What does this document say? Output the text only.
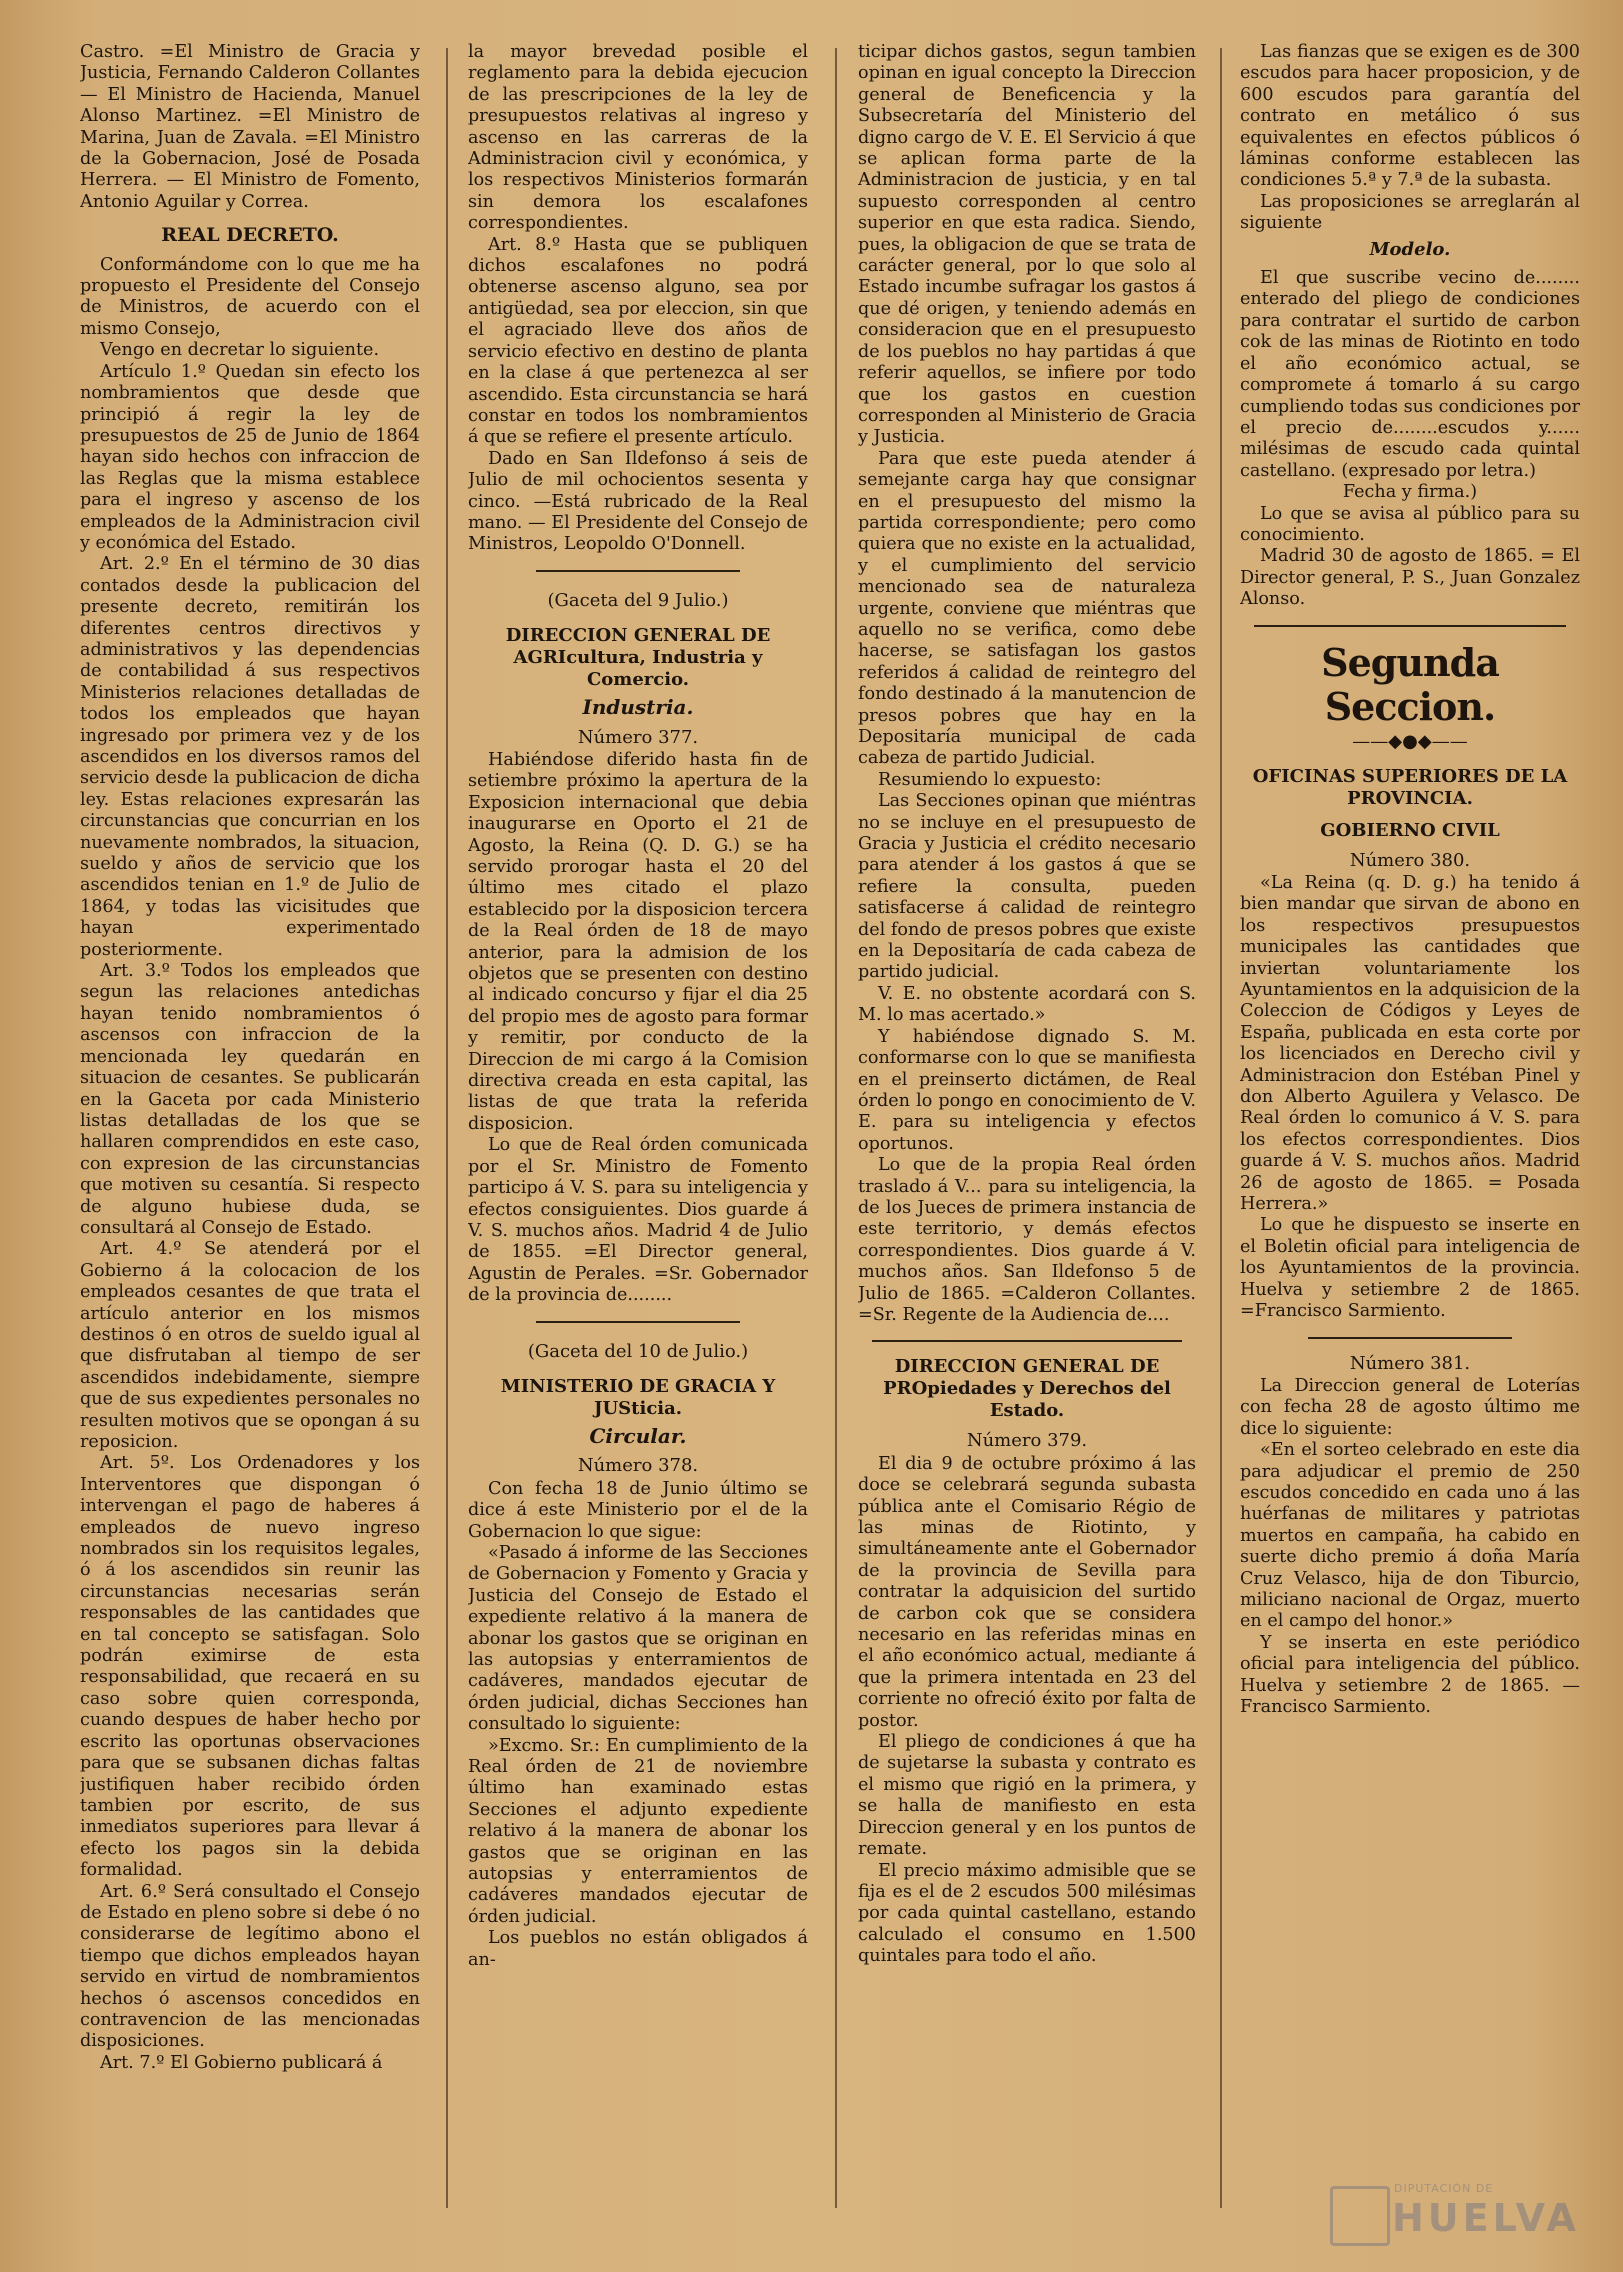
Castro. =El Ministro de Gracia y Justicia, Fernando Calderon Collantes — El Ministro de Hacienda, Manuel Alonso Martinez. =El Ministro de Marina, Juan de Zavala. =El Ministro de la Gobernacion, José de Posada Herrera. — El Ministro de Fomento, Antonio Aguilar y Correa.

REAL DECRETO.

Conformándome con lo que me ha propuesto el Presidente del Consejo de Ministros, de acuerdo con el mismo Consejo,

Vengo en decretar lo siguiente.

Artículo 1.º Quedan sin efecto los nombramientos que desde que principió á regir la ley de presupuestos de 25 de Junio de 1864 hayan sido hechos con infraccion de las Reglas que la misma establece para el ingreso y ascenso de los empleados de la Administracion civil y económica del Estado.

Art. 2.º En el término de 30 dias contados desde la publicacion del presente decreto, remitirán los diferentes centros directivos y administrativos y las dependencias de contabilidad á sus respectivos Ministerios relaciones detalladas de todos los empleados que hayan ingresado por primera vez y de los ascendidos en los diversos ramos del servicio desde la publicacion de dicha ley. Estas relaciones expresarán las circunstancias que concurrian en los nuevamente nombrados, la situacion, sueldo y años de servicio que los ascendidos tenian en 1.º de Julio de 1864, y todas las vicisitudes que hayan experimentado posteriormente.

Art. 3.º Todos los empleados que segun las relaciones antedichas hayan tenido nombramientos ó ascensos con infraccion de la mencionada ley quedarán en situacion de cesantes. Se publicarán en la Gaceta por cada Ministerio listas detalladas de los que se hallaren comprendidos en este caso, con expresion de las circunstancias que motiven su cesantía. Si respecto de alguno hubiese duda, se consultará al Consejo de Estado.

Art. 4.º Se atenderá por el Gobierno á la colocacion de los empleados cesantes de que trata el artículo anterior en los mismos destinos ó en otros de sueldo igual al que disfrutaban al tiempo de ser ascendidos indebidamente, siempre que de sus expedientes personales no resulten motivos que se opongan á su reposicion.

Art. 5º. Los Ordenadores y los Interventores que dispongan ó intervengan el pago de haberes á empleados de nuevo ingreso nombrados sin los requisitos legales, ó á los ascendidos sin reunir las circunstancias necesarias serán responsables de las cantidades que en tal concepto se satisfagan. Solo podrán eximirse de esta responsabilidad, que recaerá en su caso sobre quien corresponda, cuando despues de haber hecho por escrito las oportunas observaciones para que se subsanen dichas faltas justifiquen haber recibido órden tambien por escrito, de sus inmediatos superiores para llevar á efecto los pagos sin la debida formalidad.

Art. 6.º Será consultado el Consejo de Estado en pleno sobre si debe ó no considerarse de legítimo abono el tiempo que dichos empleados hayan servido en virtud de nombramientos hechos ó ascensos concedidos en contravencion de las mencionadas disposiciones.

Art. 7.º El Gobierno publicará á

la mayor brevedad posible el reglamento para la debida ejecucion de las prescripciones de la ley de presupuestos relativas al ingreso y ascenso en las carreras de la Administracion civil y económica, y los respectivos Ministerios formarán sin demora los escalafones correspondientes.

Art. 8.º Hasta que se publiquen dichos escalafones no podrá obtenerse ascenso alguno, sea por antigüedad, sea por eleccion, sin que el agraciado lleve dos años de servicio efectivo en destino de planta en la clase á que pertenezca al ser ascendido. Esta circunstancia se hará constar en todos los nombramientos á que se refiere el presente artículo.

Dado en San Ildefonso á seis de Julio de mil ochocientos sesenta y cinco. —Está rubricado de la Real mano. — El Presidente del Consejo de Ministros, Leopoldo O'Donnell.

(Gaceta del 9 Julio.)

DIRECCION GENERAL DE AGRIcultura, Industria y Comercio.

Industria.

Número 377.

Habiéndose diferido hasta fin de setiembre próximo la apertura de la Exposicion internacional que debia inaugurarse en Oporto el 21 de Agosto, la Reina (Q. D. G.) se ha servido prorogar hasta el 20 del último mes citado el plazo establecido por la disposicion tercera de la Real órden de 18 de mayo anterior, para la admision de los objetos que se presenten con destino al indicado concurso y fijar el dia 25 del propio mes de agosto para formar y remitir, por conducto de la Direccion de mi cargo á la Comision directiva creada en esta capital, las listas de que trata la referida disposicion.

Lo que de Real órden comunicada por el Sr. Ministro de Fomento participo á V. S. para su inteligencia y efectos consiguientes. Dios guarde á V. S. muchos años. Madrid 4 de Julio de 1855. =El Director general, Agustin de Perales. =Sr. Gobernador de la provincia de........

(Gaceta del 10 de Julio.)

MINISTERIO DE GRACIA Y JUSticia.

Circular.

Número 378.

Con fecha 18 de Junio último se dice á este Ministerio por el de la Gobernacion lo que sigue:

«Pasado á informe de las Secciones de Gobernacion y Fomento y Gracia y Justicia del Consejo de Estado el expediente relativo á la manera de abonar los gastos que se originan en las autopsias y enterramientos de cadáveres, mandados ejecutar de órden judicial, dichas Secciones han consultado lo siguiente:

»Excmo. Sr.: En cumplimiento de la Real órden de 21 de noviembre último han examinado estas Secciones el adjunto expediente relativo á la manera de abonar los gastos que se originan en las autopsias y enterramientos de cadáveres mandados ejecutar de órden judicial.

Los pueblos no están obligados á an-

ticipar dichos gastos, segun tambien opinan en igual concepto la Direccion general de Beneficencia y la Subsecretaría del Ministerio del digno cargo de V. E. El Servicio á que se aplican forma parte de la Administracion de justicia, y en tal supuesto corresponden al centro superior en que esta radica. Siendo, pues, la obligacion de que se trata de carácter general, por lo que solo al Estado incumbe sufragar los gastos á que dé origen, y teniendo además en consideracion que en el presupuesto de los pueblos no hay partidas á que referir aquellos, se infiere por todo que los gastos en cuestion corresponden al Ministerio de Gracia y Justicia.

Para que este pueda atender á semejante carga hay que consignar en el presupuesto del mismo la partida correspondiente; pero como quiera que no existe en la actualidad, y el cumplimiento del servicio mencionado sea de naturaleza urgente, conviene que miéntras que aquello no se verifica, como debe hacerse, se satisfagan los gastos referidos á calidad de reintegro del fondo destinado á la manutencion de presos pobres que hay en la Depositaría municipal de cada cabeza de partido Judicial.

Resumiendo lo expuesto:

Las Secciones opinan que miéntras no se incluye en el presupuesto de Gracia y Justicia el crédito necesario para atender á los gastos á que se refiere la consulta, pueden satisfacerse á calidad de reintegro del fondo de presos pobres que existe en la Depositaría de cada cabeza de partido judicial.

V. E. no obstente acordará con S. M. lo mas acertado.»

Y habiéndose dignado S. M. conformarse con lo que se manifiesta en el preinserto dictámen, de Real órden lo pongo en conocimiento de V. E. para su inteligencia y efectos oportunos.

Lo que de la propia Real órden traslado á V... para su inteligencia, la de los Jueces de primera instancia de este territorio, y demás efectos correspondientes. Dios guarde á V. muchos años. San Ildefonso 5 de Julio de 1865. =Calderon Collantes. =Sr. Regente de la Audiencia de....

DIRECCION GENERAL DE PROpiedades y Derechos del Estado.

Número 379.

El dia 9 de octubre próximo á las doce se celebrará segunda subasta pública ante el Comisario Régio de las minas de Riotinto, y simultáneamente ante el Gobernador de la provincia de Sevilla para contratar la adquisicion del surtido de carbon cok que se considera necesario en las referidas minas en el año económico actual, mediante á que la primera intentada en 23 del corriente no ofreció éxito por falta de postor.

El pliego de condiciones á que ha de sujetarse la subasta y contrato es el mismo que rigió en la primera, y se halla de manifiesto en esta Direccion general y en los puntos de remate.

El precio máximo admisible que se fija es el de 2 escudos 500 milésimas por cada quintal castellano, estando calculado el consumo en 1.500 quintales para todo el año.

Las fianzas que se exigen es de 300 escudos para hacer proposicion, y de 600 escudos para garantía del contrato en metálico ó sus equivalentes en efectos públicos ó láminas conforme establecen las condiciones 5.ª y 7.ª de la subasta.

Las proposiciones se arreglarán al siguiente

Modelo.

El que suscribe vecino de........ enterado del pliego de condiciones para contratar el surtido de carbon cok de las minas de Riotinto en todo el año económico actual, se compromete á tomarlo á su cargo cumpliendo todas sus condiciones por el precio de........escudos y...... milésimas de escudo cada quintal castellano. (expresado por letra.)

Fecha y firma.)

Lo que se avisa al público para su conocimiento.

Madrid 30 de agosto de 1865. = El Director general, P. S., Juan Gonzalez Alonso.

Segunda Seccion.
——◆●◆——

OFICINAS SUPERIORES DE LA PROVINCIA.

GOBIERNO CIVIL

Número 380.

«La Reina (q. D. g.) ha tenido á bien mandar que sirvan de abono en los respectivos presupuestos municipales las cantidades que inviertan voluntariamente los Ayuntamientos en la adquisicion de la Coleccion de Códigos y Leyes de España, publicada en esta corte por los licenciados en Derecho civil y Administracion don Estéban Pinel y don Alberto Aguilera y Velasco. De Real órden lo comunico á V. S. para los efectos correspondientes. Dios guarde á V. S. muchos años. Madrid 26 de agosto de 1865. = Posada Herrera.»

Lo que he dispuesto se inserte en el Boletin oficial para inteligencia de los Ayuntamientos de la provincia. Huelva y setiembre 2 de 1865. =Francisco Sarmiento.

Número 381.

La Direccion general de Loterías con fecha 28 de agosto último me dice lo siguiente:

«En el sorteo celebrado en este dia para adjudicar el premio de 250 escudos concedido en cada uno á las huérfanas de militares y patriotas muertos en campaña, ha cabido en suerte dicho premio á doña María Cruz Velasco, hija de don Tiburcio, miliciano nacional de Orgaz, muerto en el campo del honor.»

Y se inserta en este periódico oficial para inteligencia del público. Huelva y setiembre 2 de 1865. — Francisco Sarmiento.

DIPUTACIÓN DE
HUELVA
